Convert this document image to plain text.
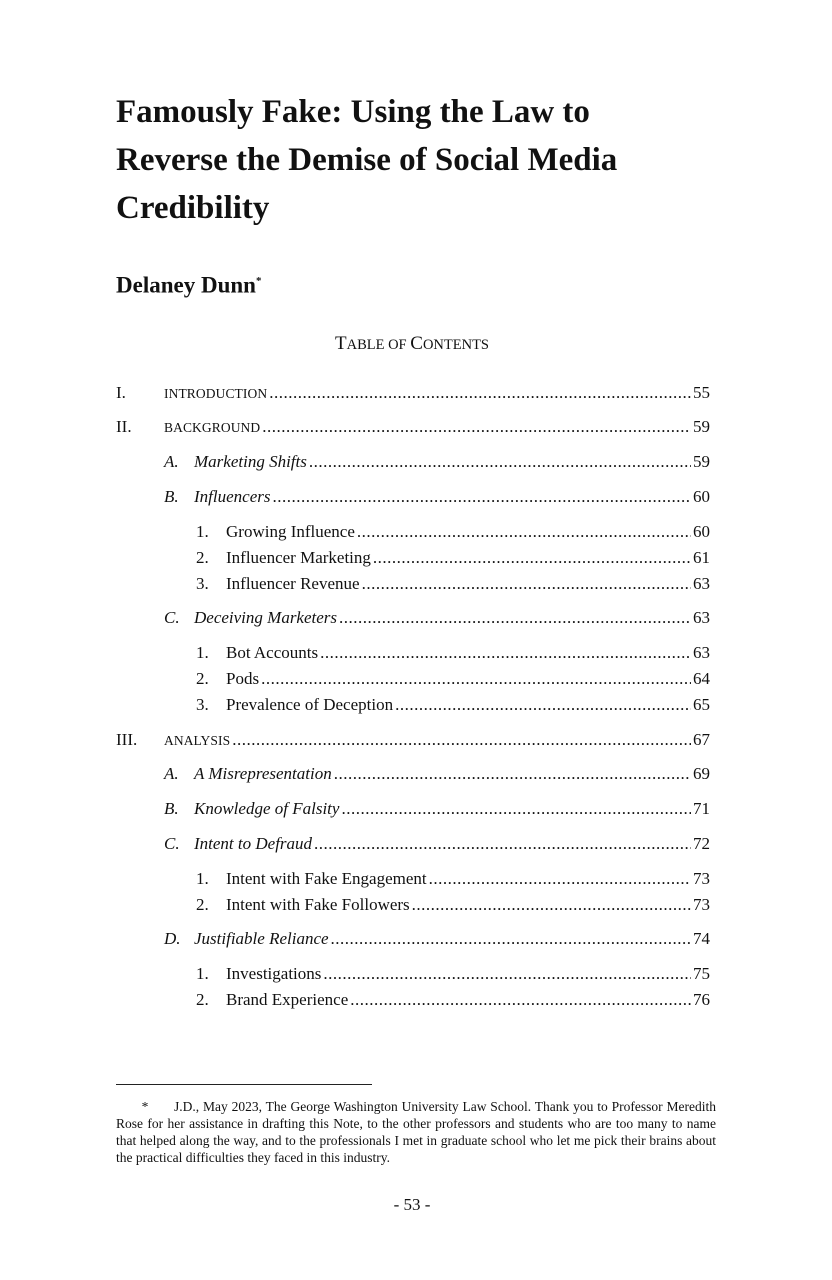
Famously Fake: Using the Law to
Reverse the Demise of Social Media
Credibility

Delaney Dunn*

TABLE OF CONTENTS

I.	INTRODUCTION .....	55
II.	BACKGROUND .....	59
A. Marketing Shifts .....	59
B. Influencers .....	60
1.	Growing Influence .....	60
2.	Influencer Marketing .....	61
3.	Influencer Revenue .....	63
C. Deceiving Marketers .....	63
1.	Bot Accounts .....	63
2.	Pods .....	64
3.	Prevalence of Deception .....	65
III.	ANALYSIS .....	67
A. A Misrepresentation .....	69
B. Knowledge of Falsity .....	71
C. Intent to Defraud .....	72
1.	Intent with Fake Engagement .....	73
2.	Intent with Fake Followers .....	73
D. Justifiable Reliance .....	74
1.	Investigations .....	75
2.	Brand Experience .....	76

* J.D., May 2023, The George Washington University Law School. Thank you to Professor Meredith Rose for her assistance in drafting this Note, to the other professors and students who are too many to name that helped along the way, and to the professionals I met in graduate school who let me pick their brains about the practical difficulties they faced in this industry.

- 53 -
